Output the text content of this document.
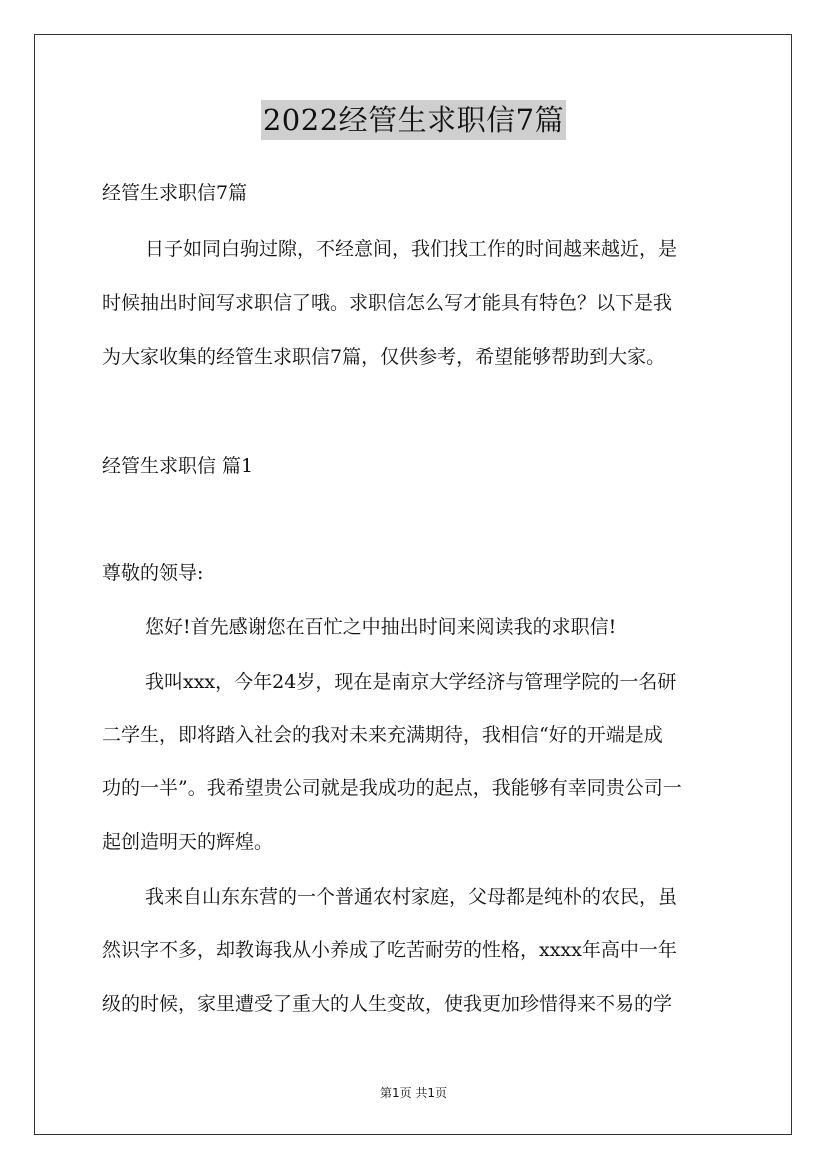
2022经管生求职信7篇
经管生求职信7篇
日子如同白驹过隙，不经意间，我们找工作的时间越来越近，是
时候抽出时间写求职信了哦。求职信怎么写才能具有特色？以下是我
为大家收集的经管生求职信7篇，仅供参考，希望能够帮助到大家。
经管生求职信 篇1
尊敬的领导:
您好!首先感谢您在百忙之中抽出时间来阅读我的求职信!
我叫xxx，今年24岁，现在是南京大学经济与管理学院的一名研
二学生，即将踏入社会的我对未来充满期待，我相信“好的开端是成
功的一半”。我希望贵公司就是我成功的起点，我能够有幸同贵公司一
起创造明天的辉煌。
我来自山东东营的一个普通农村家庭，父母都是纯朴的农民，虽
然识字不多，却教诲我从小养成了吃苦耐劳的性格，xxxx年高中一年
级的时候，家里遭受了重大的人生变故，使我更加珍惜得来不易的学
第1页 共1页
